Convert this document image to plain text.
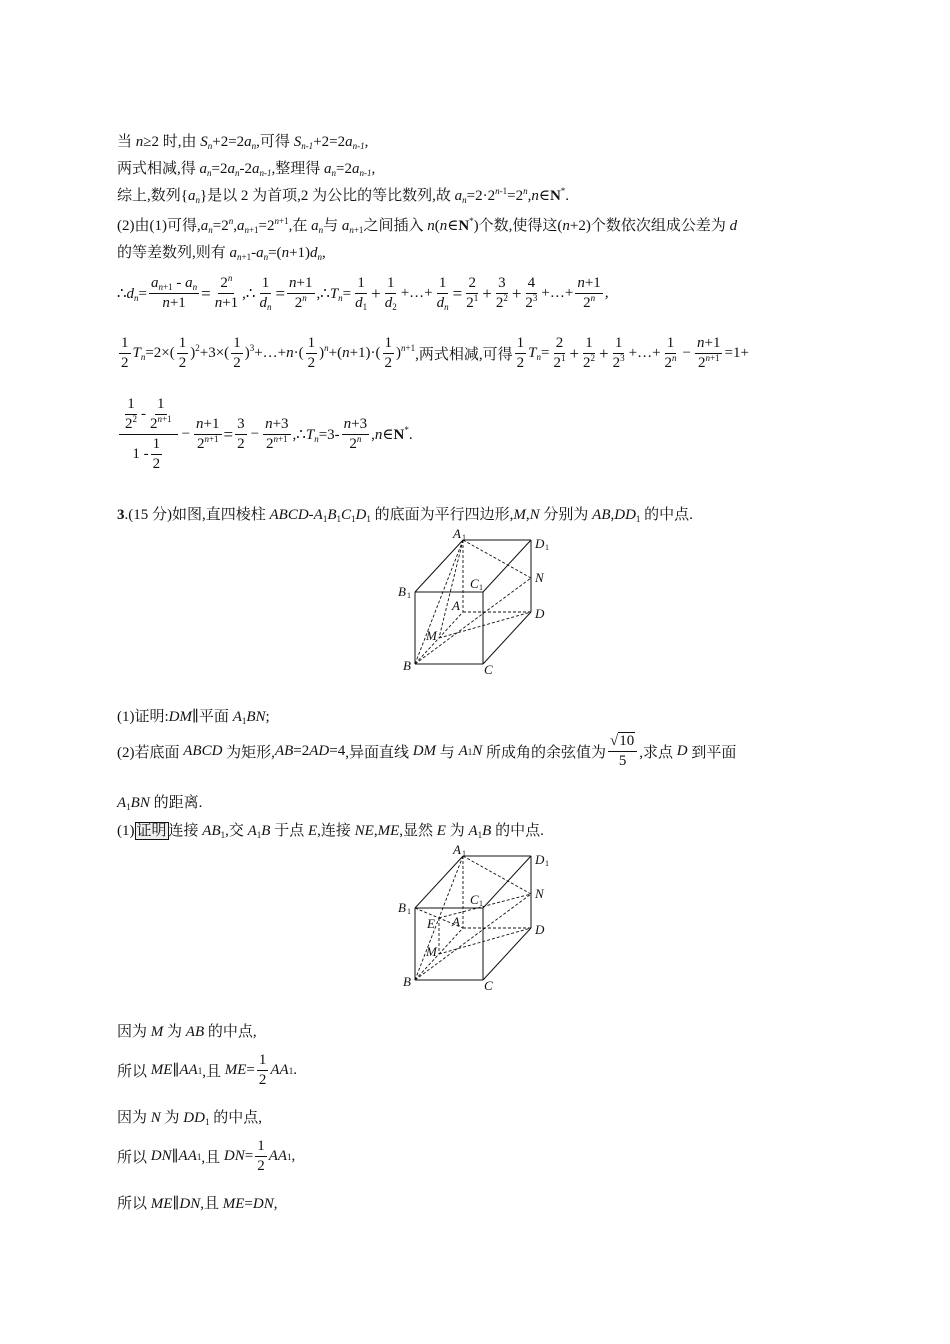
当 n≥2 时,由 $S_n+2=2a_n$,可得 $S_{n-1}+2=2a_{n-1}$,
两式相减,得 $a_n=2a_n-2a_{n-1}$,整理得 $a_n=2a_{n-1}$,
综上,数列$\{a_n\}$是以 2 为首项,2 为公比的等比数列,故 $a_n=2\cdot 2^{n-1}=2^n,n\in N^*$.
(2)由(1)可得$,a_n=2^n,a_{n+1}=2^{n+1}$,在 $a_n$与 $a_{n+1}$之间插入 n(n∈N*)个数,使得这(n+2)个数依次组成公差为 d
的等差数列,则有 $a_{n+1}-a_n=(n+1)d_n$,
$\therefore d_n= \frac{a_{n+1} - a_n}{n+1} = \frac{2^n}{n+1}$ ,∴ $\frac{1}{d_n} = \frac{n+1}{2^n}$ $,\therefore T_n= \frac{1}{d_1} + \frac{1}{d_2}$ +…+ $\frac{1}{d_n} = \frac{2}{2^1} + \frac{3}{2^2} + \frac{4}{2^3}$ +…+ $\frac{n+1}{2^n}$ ,
1
2
$T_n=2\times$(
1
2
)$^2$+3×(
1
2
)$^3$+…+n·(
1
2
)$^n$+(n+1)·(
1
2
)$^{n+1}$ ,两式相减,可得
1
2
$T_n= \frac{2}{2^1} + \frac{1}{2^2} + \frac{1}{2^3}$ +…+ $\frac{1}{2^n} - \frac{n+1}{2^{n+1}} =1+$
1
$2^2$ -
1
$2^{n+1}$
1 -
1
2
− $\frac{n+1}{2^{n+1}} = \frac{3}{2} - \frac{n+3}{2^{n+1}}$ $,\therefore T_n=3-$
n+3
2$^n$ ,n∈N*.
3.(15 分)如图,直四棱柱 ABCD-$A_1B_1C_1D_1$ 的底面为平行四边形,M,N 分别为 $AB,DD_1$ 的中点.
A 1	D 1
B 1
C 1
N
A
D
M
B	C
(1)证明:DM∥平面 $A_1BN$;
(2)若底面
ABCD
为矩形, AB =2 AD =4 ,异面直线
DM
与
A 1 N
所成角的余弦值为
√10
5 ,求点
D
到平面
$A_1BN$ 的距离.
(1) 证明 连接 $AB_1$,交 $A_1B$ 于点 E,连接 NE,ME,显然 E 为 $A_1B$ 的中点.
A 1	D 1
B 1
C 1
N
E A
D
M
B	C
因为 M 为 AB 的中点,
所以
ME ∥ AA 1 ,且
ME =
1
2
AA 1 .
因为 N 为 $DD_1$ 的中点,
所以
DN ∥ AA 1 ,且
DN =
1
2
AA 1 ,
所以 ME∥DN,且 ME=DN,
